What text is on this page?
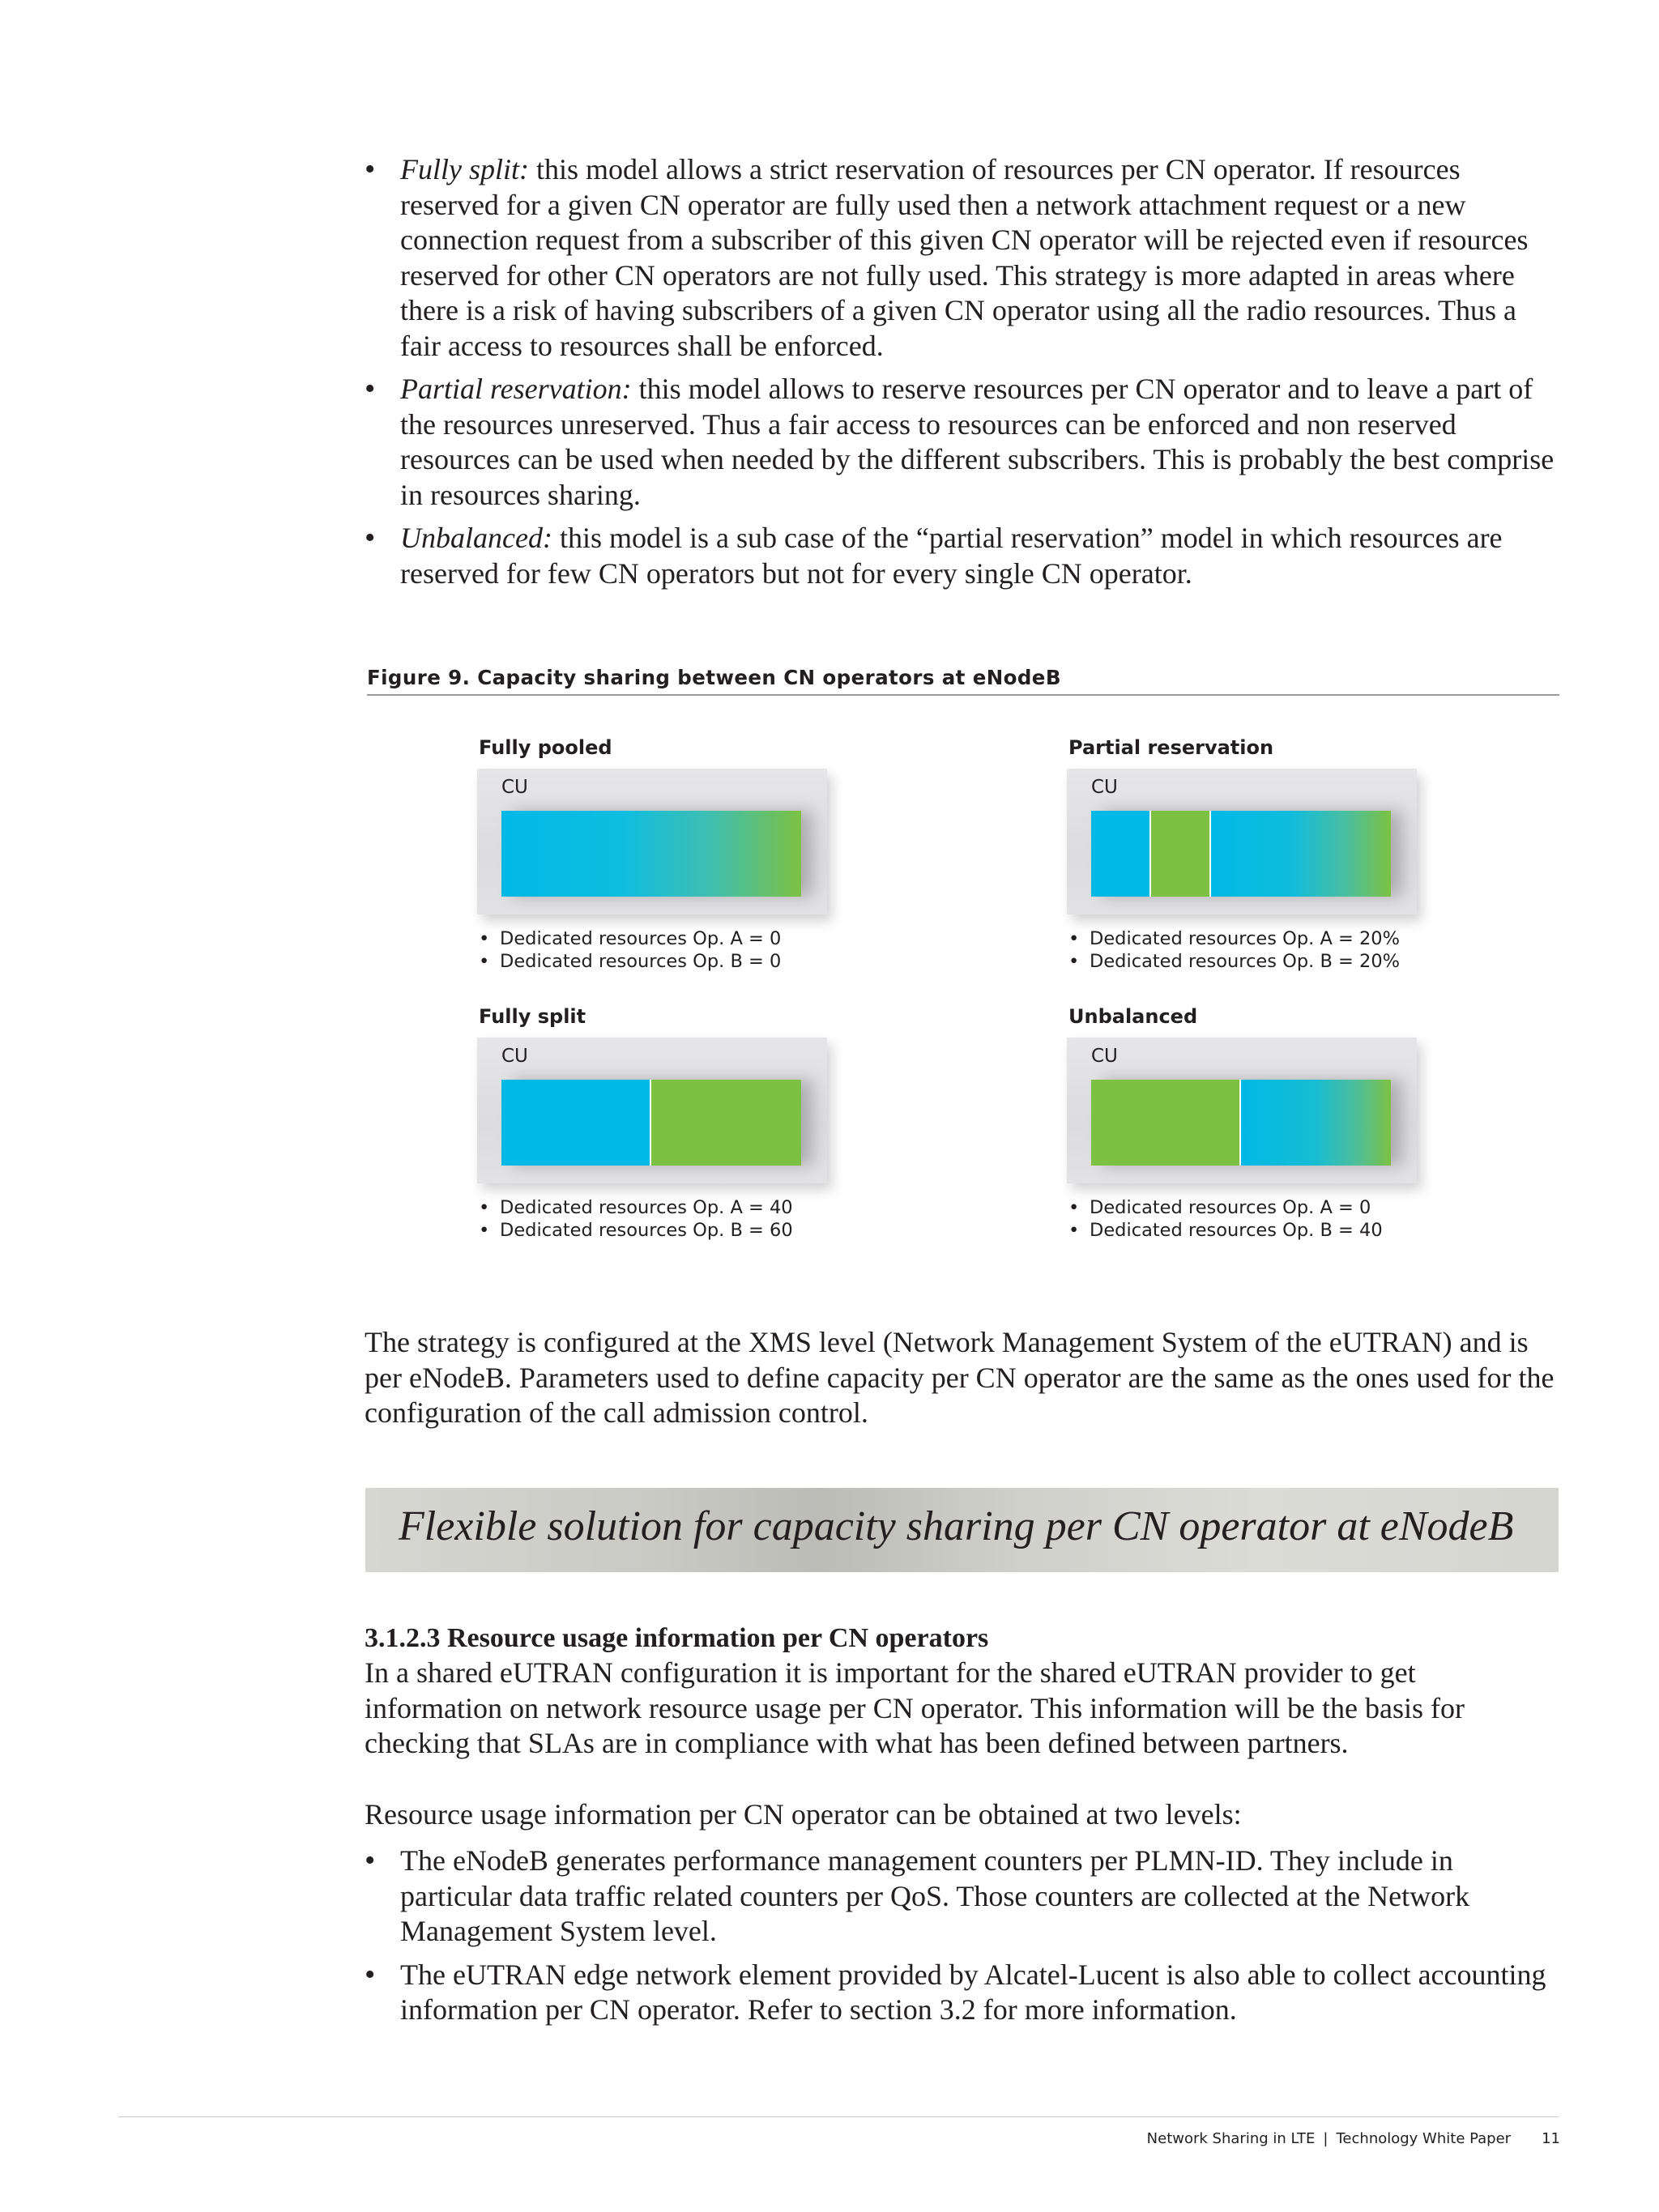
• Fully split: this model allows a strict reservation of resources per CN operator. If resources reserved for a given CN operator are fully used then a network attachment request or a new connection request from a subscriber of this given CN operator will be rejected even if resources reserved for other CN operators are not fully used. This strategy is more adapted in areas where there is a risk of having subscribers of a given CN operator using all the radio resources. Thus a fair access to resources shall be enforced.
• Partial reservation: this model allows to reserve resources per CN operator and to leave a part of the resources unreserved. Thus a fair access to resources can be enforced and non reserved resources can be used when needed by the different subscribers. This is probably the best comprise in resources sharing.
• Unbalanced: this model is a sub case of the “partial reservation” model in which resources are reserved for few CN operators but not for every single CN operator.
Figure 9. Capacity sharing between CN operators at eNodeB
Fully pooled
CU
• Dedicated resources Op. A = 0
• Dedicated resources Op. B = 0
Partial reservation
CU
• Dedicated resources Op. A = 20%
• Dedicated resources Op. B = 20%
Fully split
CU
• Dedicated resources Op. A = 40
• Dedicated resources Op. B = 60
Unbalanced
CU
• Dedicated resources Op. A = 0
• Dedicated resources Op. B = 40

The strategy is configured at the XMS level (Network Management System of the eUTRAN) and is per eNodeB. Parameters used to define capacity per CN operator are the same as the ones used for the configuration of the call admission control.

Flexible solution for capacity sharing per CN operator at eNodeB
3.1.2.3 Resource usage information per CN operators

In a shared eUTRAN configuration it is important for the shared eUTRAN provider to get information on network resource usage per CN operator. This information will be the basis for checking that SLAs are in compliance with what has been defined between partners.

Resource usage information per CN operator can be obtained at two levels:

• The eNodeB generates performance management counters per PLMN-ID. They include in particular data traffic related counters per QoS. Those counters are collected at the Network Management System level.
• The eUTRAN edge network element provided by Alcatel-Lucent is also able to collect accounting information per CN operator. Refer to section 3.2 for more information.
Network Sharing in LTE | Technology White Paper 11
